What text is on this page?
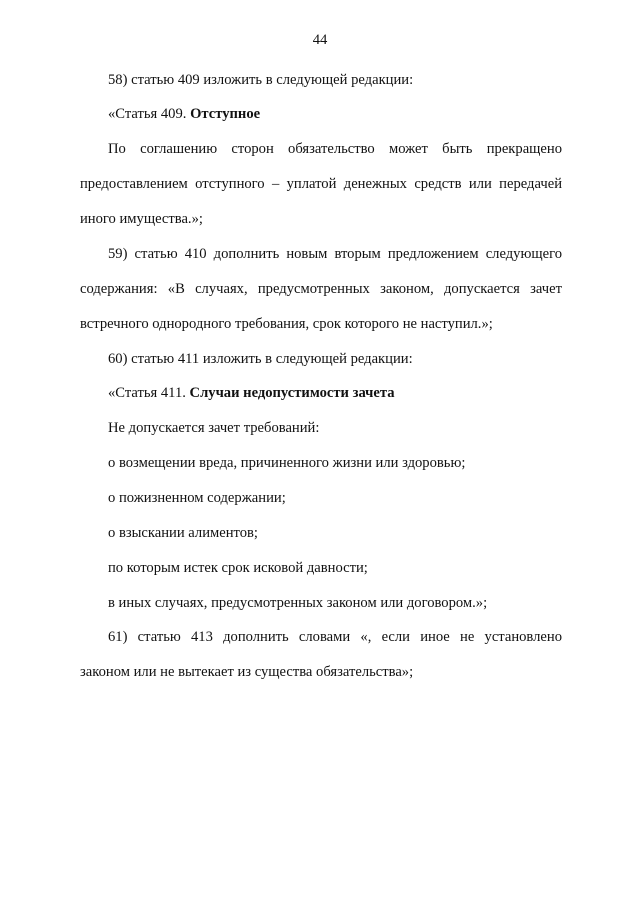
44
58) статью 409 изложить в следующей редакции:
«Статья 409. Отступное
По соглашению сторон обязательство может быть прекращено
предоставлением отступного – уплатой денежных средств или передачей
иного имущества.»;
59) статью 410 дополнить новым вторым предложением следующего
содержания: «В случаях, предусмотренных законом, допускается зачет
встречного однородного требования, срок которого не наступил.»;
60) статью 411 изложить в следующей редакции:
«Статья 411. Случаи недопустимости зачета
Не допускается зачет требований:
о возмещении вреда, причиненного жизни или здоровью;
о пожизненном содержании;
о взыскании алиментов;
по которым истек срок исковой давности;
в иных случаях, предусмотренных законом или договором.»;
61) статью 413 дополнить словами «, если иное не установлено
законом или не вытекает из существа обязательства»;
